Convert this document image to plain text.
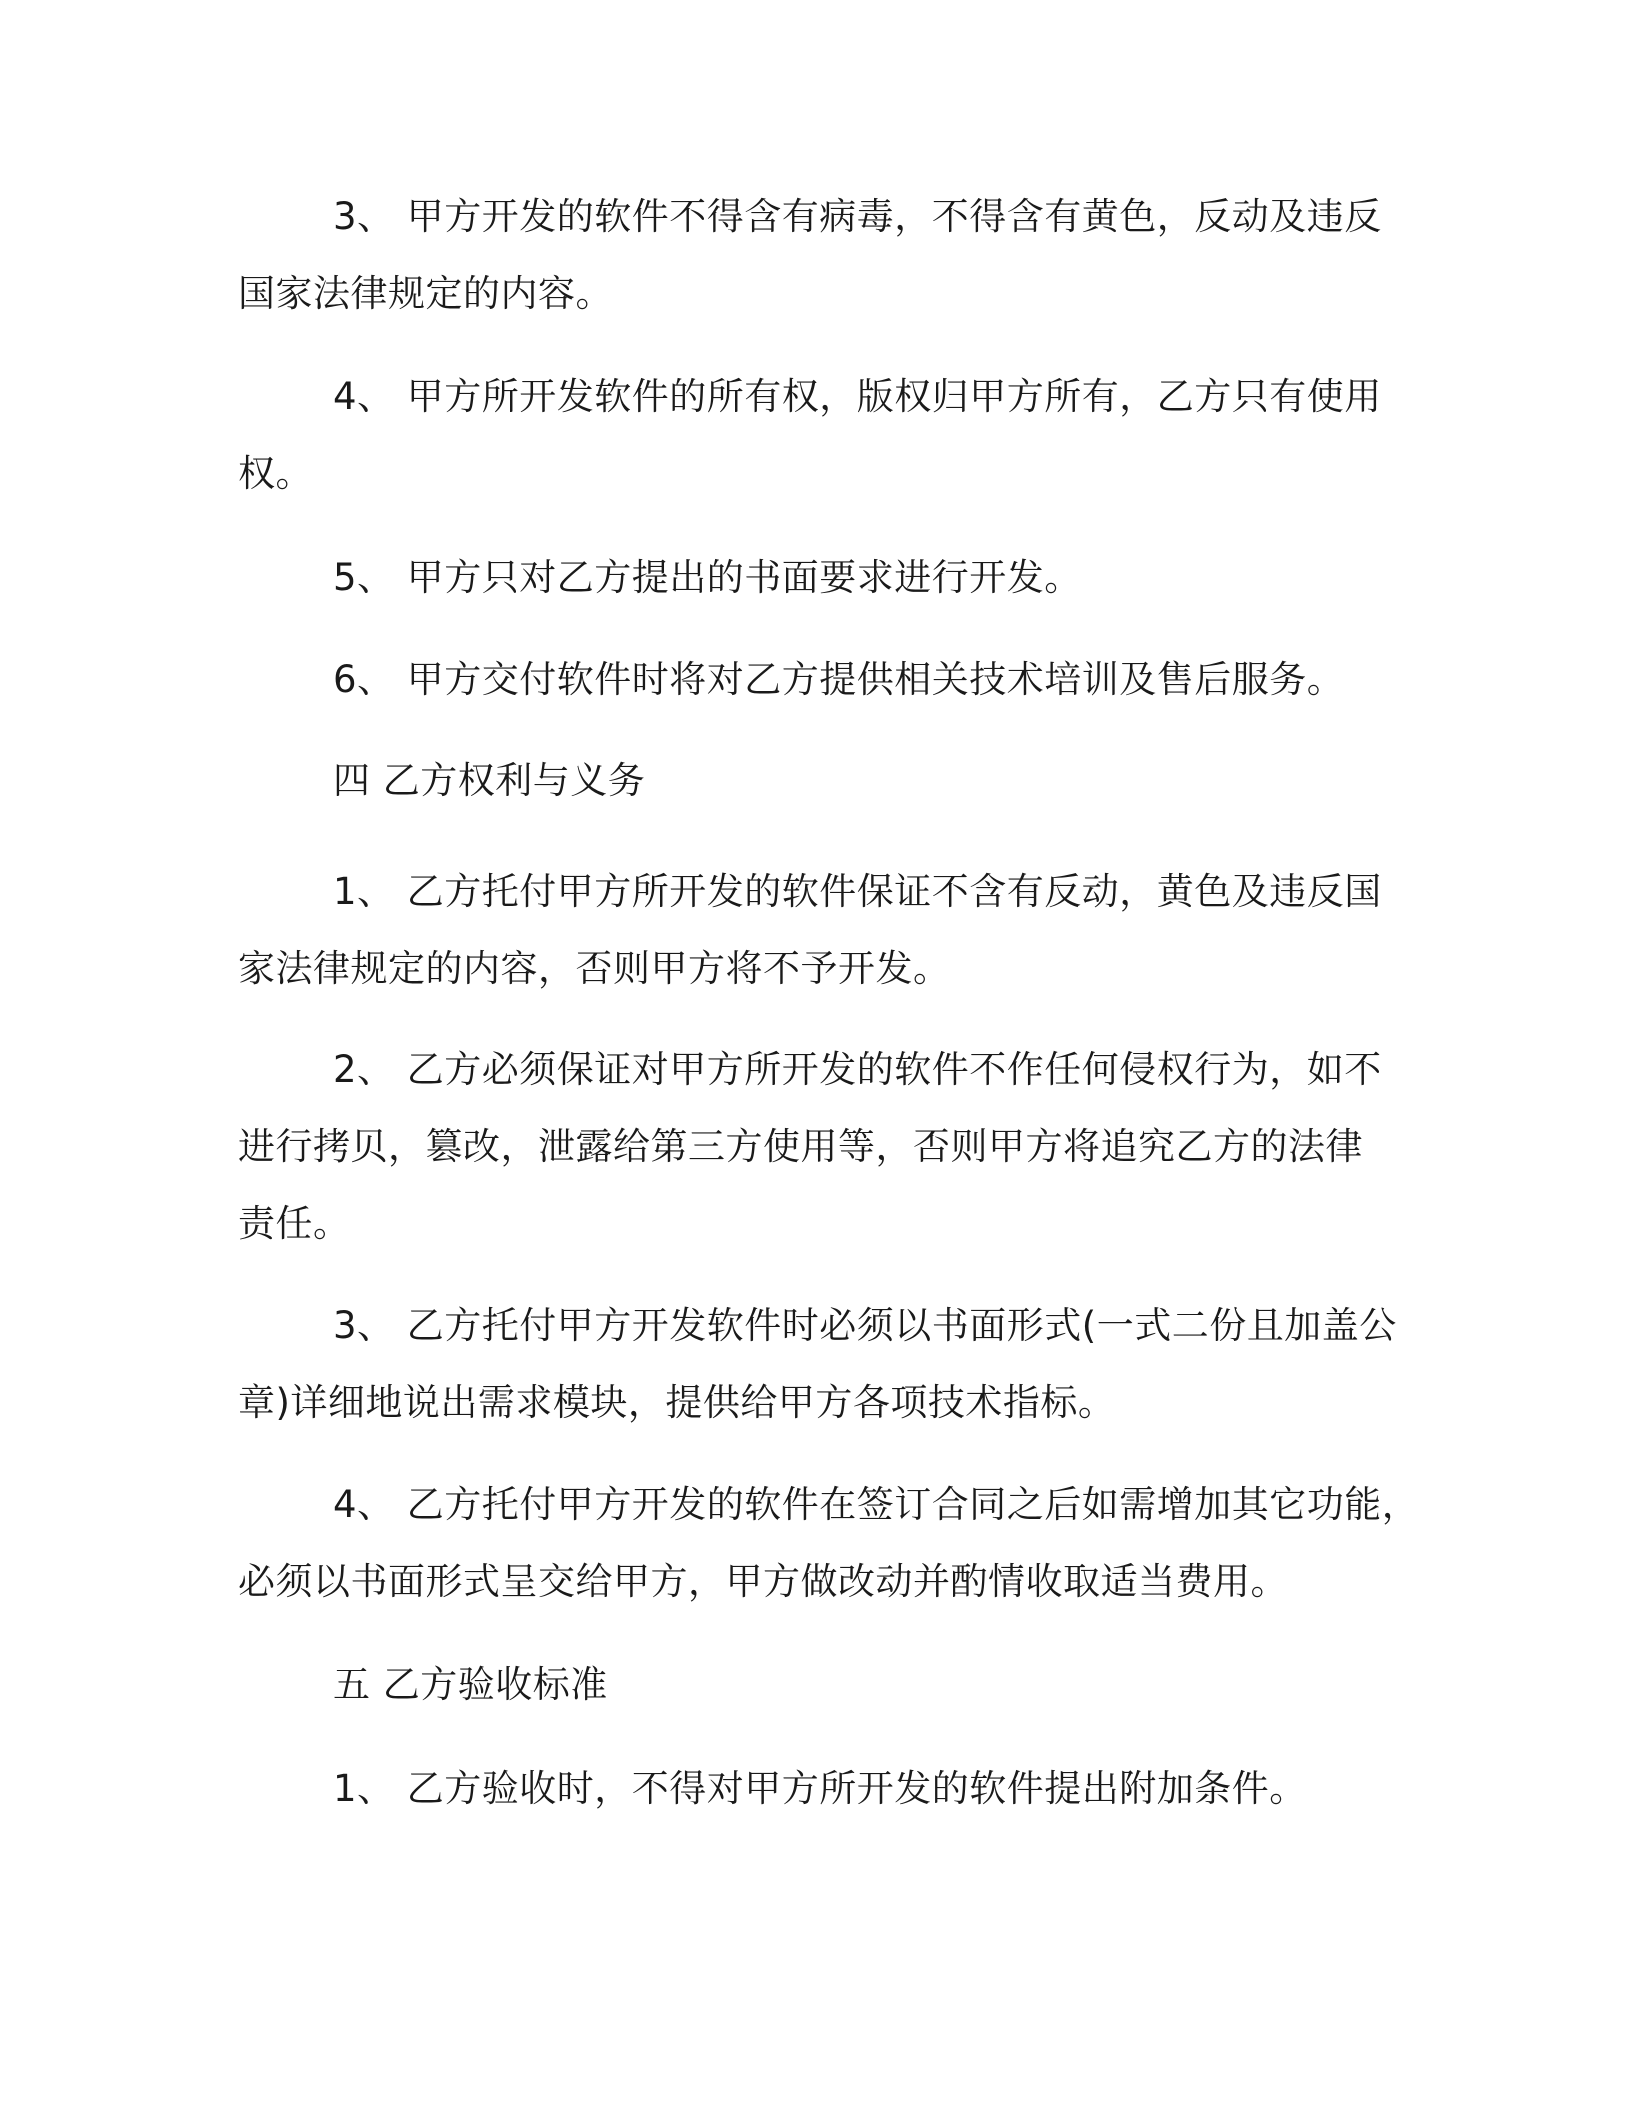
3、 甲方开发的软件不得含有病毒，不得含有黄色，反动及违反
国家法律规定的内容。

4、 甲方所开发软件的所有权，版权归甲方所有，乙方只有使用
权。

5、 甲方只对乙方提出的书面要求进行开发。

6、 甲方交付软件时将对乙方提供相关技术培训及售后服务。

四 乙方权利与义务

1、 乙方托付甲方所开发的软件保证不含有反动，黄色及违反国
家法律规定的内容，否则甲方将不予开发。

2、 乙方必须保证对甲方所开发的软件不作任何侵权行为，如不
进行拷贝，篡改，泄露给第三方使用等，否则甲方将追究乙方的法律
责任。

3、 乙方托付甲方开发软件时必须以书面形式(一式二份且加盖公
章)详细地说出需求模块，提供给甲方各项技术指标。

4、 乙方托付甲方开发的软件在签订合同之后如需增加其它功能，
必须以书面形式呈交给甲方，甲方做改动并酌情收取适当费用。

五 乙方验收标准

1、 乙方验收时，不得对甲方所开发的软件提出附加条件。
